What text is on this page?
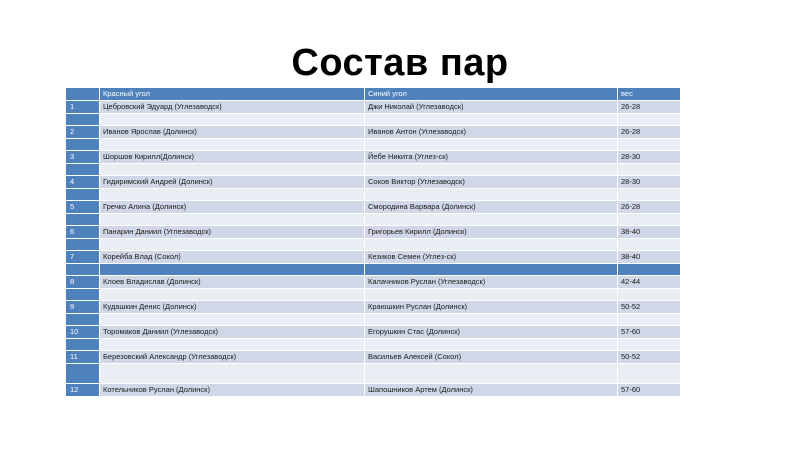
Состав пар
	Красный угол	Синий угол	вес
1	Цебровский Эдуард (Углезаводск)	Джи Николай (Углезаводск)	26-28

2	Иванов Ярослав (Долинск)	Иванов Антон (Углезаводск)	26-28

3	Шоршов Кирилл(Долинск)	Йебе Никита (Углез-ск)	28-30

4	Гидиримский Андрей (Долинск)	Соков Виктор (Углезаводск)	28-30

5	Гречко Алина (Долинск)	Смородина Варвара (Долинск)	26-28

6	Панарин Даниил (Углезаводск)	Григорьев Кирилл (Долинск)	38-40

7	Корейба Влад (Сокол)	Кезиков Семен (Углез-ск)	38-40

8	Клоев Владислав (Долинск)	Калачников Руслан (Углезаводск)	42-44

9	Кудашкин Денис (Долинск)	Краюшкин Руслан (Долинск)	50-52

10	Торомаков Даниил (Углезаводск)	Егорушкин Стас (Долинск)	57-60

11	Березовский Александр (Углезаводск)	Васильев Алексей (Сокол)	50-52

12	Котельников Руслан (Долинск)	Шапошников Артем (Долинск)	57-60
